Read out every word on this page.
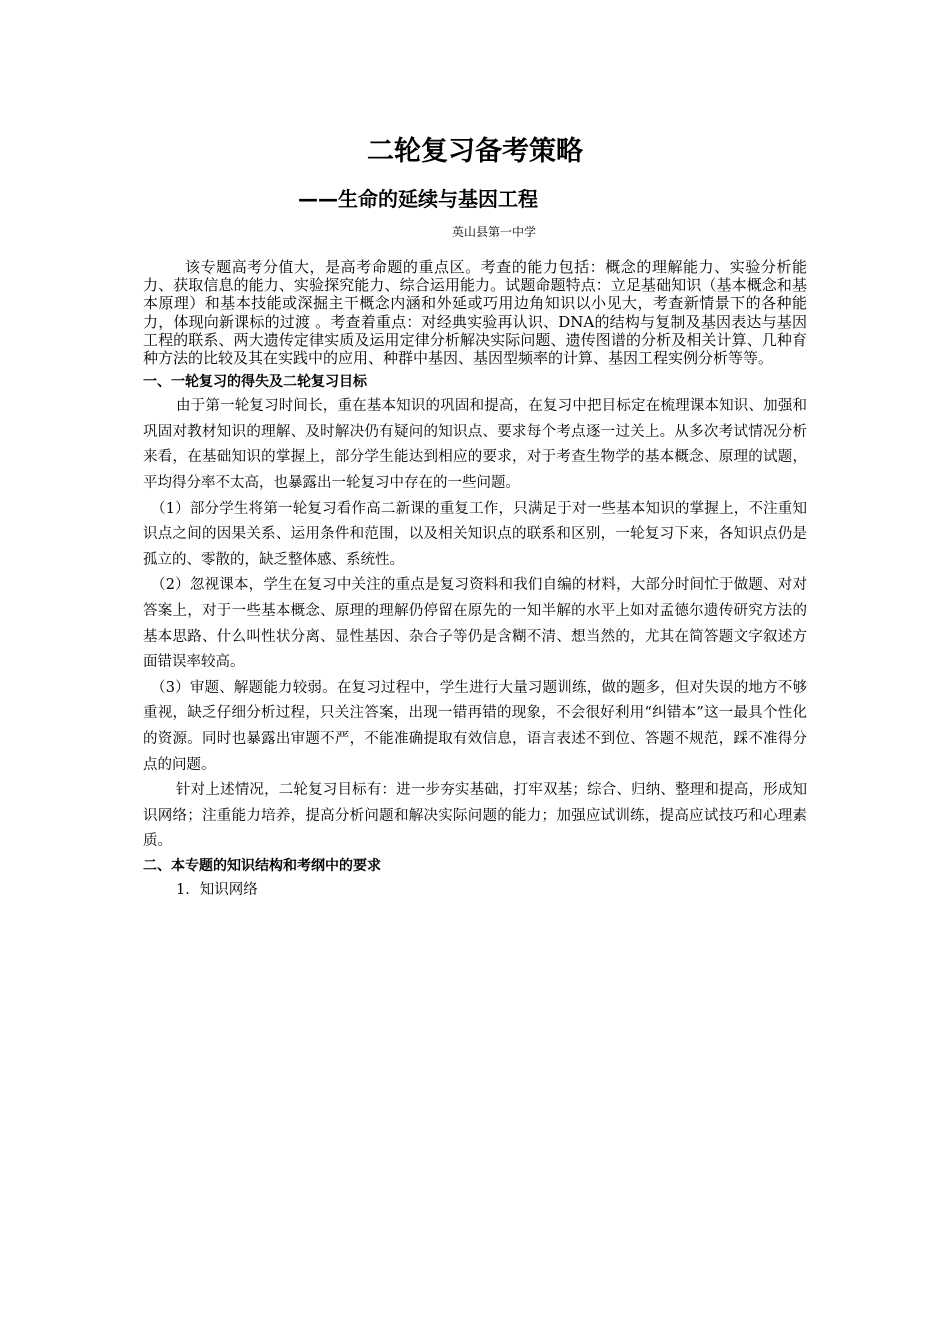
二轮复习备考策略
——生命的延续与基因工程

英山县第一中学

该专题高考分值大，是高考命题的重点区。考查的能力包括：概念的理解能力、实验分析能力、获取信息的能力、实验探究能力、综合运用能力。试题命题特点：立足基础知识（基本概念和基本原理）和基本技能或深掘主干概念内涵和外延或巧用边角知识以小见大，考查新情景下的各种能力，体现向新课标的过渡 。考查着重点：对经典实验再认识、DNA的结构与复制及基因表达与基因工程的联系、两大遗传定律实质及运用定律分析解决实际问题、遗传图谱的分析及相关计算、几种育种方法的比较及其在实践中的应用、种群中基因、基因型频率的计算、基因工程实例分析等等。

一、一轮复习的得失及二轮复习目标

由于第一轮复习时间长，重在基本知识的巩固和提高，在复习中把目标定在梳理课本知识、加强和巩固对教材知识的理解、及时解决仍有疑问的知识点、要求每个考点逐一过关上。从多次考试情况分析来看，在基础知识的掌握上，部分学生能达到相应的要求，对于考查生物学的基本概念、原理的试题，平均得分率不太高，也暴露出一轮复习中存在的一些问题。

（1）部分学生将第一轮复习看作高二新课的重复工作，只满足于对一些基本知识的掌握上，不注重知识点之间的因果关系、运用条件和范围，以及相关知识点的联系和区别，一轮复习下来，各知识点仍是孤立的、零散的，缺乏整体感、系统性。

（2）忽视课本，学生在复习中关注的重点是复习资料和我们自编的材料，大部分时间忙于做题、对对答案上，对于一些基本概念、原理的理解仍停留在原先的一知半解的水平上如对孟德尔遗传研究方法的基本思路、什么叫性状分离、显性基因、杂合子等仍是含糊不清、想当然的，尤其在简答题文字叙述方面错误率较高。

（3）审题、解题能力较弱。在复习过程中，学生进行大量习题训练，做的题多，但对失误的地方不够重视，缺乏仔细分析过程，只关注答案，出现一错再错的现象，不会很好利用“纠错本”这一最具个性化的资源。同时也暴露出审题不严，不能准确提取有效信息，语言表述不到位、答题不规范，踩不准得分点的问题。

针对上述情况，二轮复习目标有：进一步夯实基础，打牢双基；综合、归纳、整理和提高，形成知识网络；注重能力培养，提高分析问题和解决实际问题的能力；加强应试训练，提高应试技巧和心理素质。

二、本专题的知识结构和考纲中的要求

1．知识网络
